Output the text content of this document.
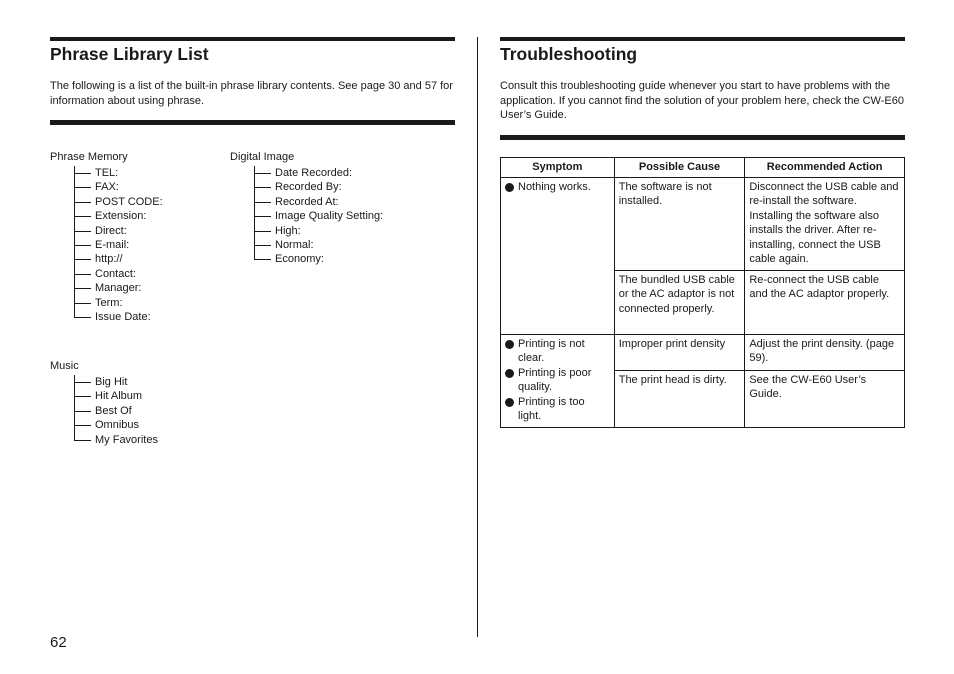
Phrase Library List

The following is a list of the built-in phrase library contents. See page 30 and 57 for information about using phrase.

Phrase Memory
TEL:
FAX:
POST CODE:
Extension:
Direct:
E-mail:
http://
Contact:
Manager:
Term:
Issue Date:
Digital Image
Date Recorded:
Recorded By:
Recorded At:
Image Quality Setting:
High:
Normal:
Economy:
Music
Big Hit
Hit Album
Best Of
Omnibus
My Favorites
62
Troubleshooting

Consult this troubleshooting guide whenever you start to have problems with the application. If you cannot find the solution of your problem here, check the CW-E60 User’s Guide.

Symptom	Possible Cause	Recommended Action

Nothing works.	The software is not installed.	Disconnect the USB cable and re-install the software. Installing the software also installs the driver. After re-installing, connect the USB cable again.
	The bundled USB cable or the AC adaptor is not connected properly.	Re-connect the USB cable and the AC adaptor properly.

Printing is not clear.
Printing is poor quality.
Printing is too light.	Improper print density	Adjust the print density. (page 59).
	The print head is dirty.	See the CW-E60 User’s Guide.
